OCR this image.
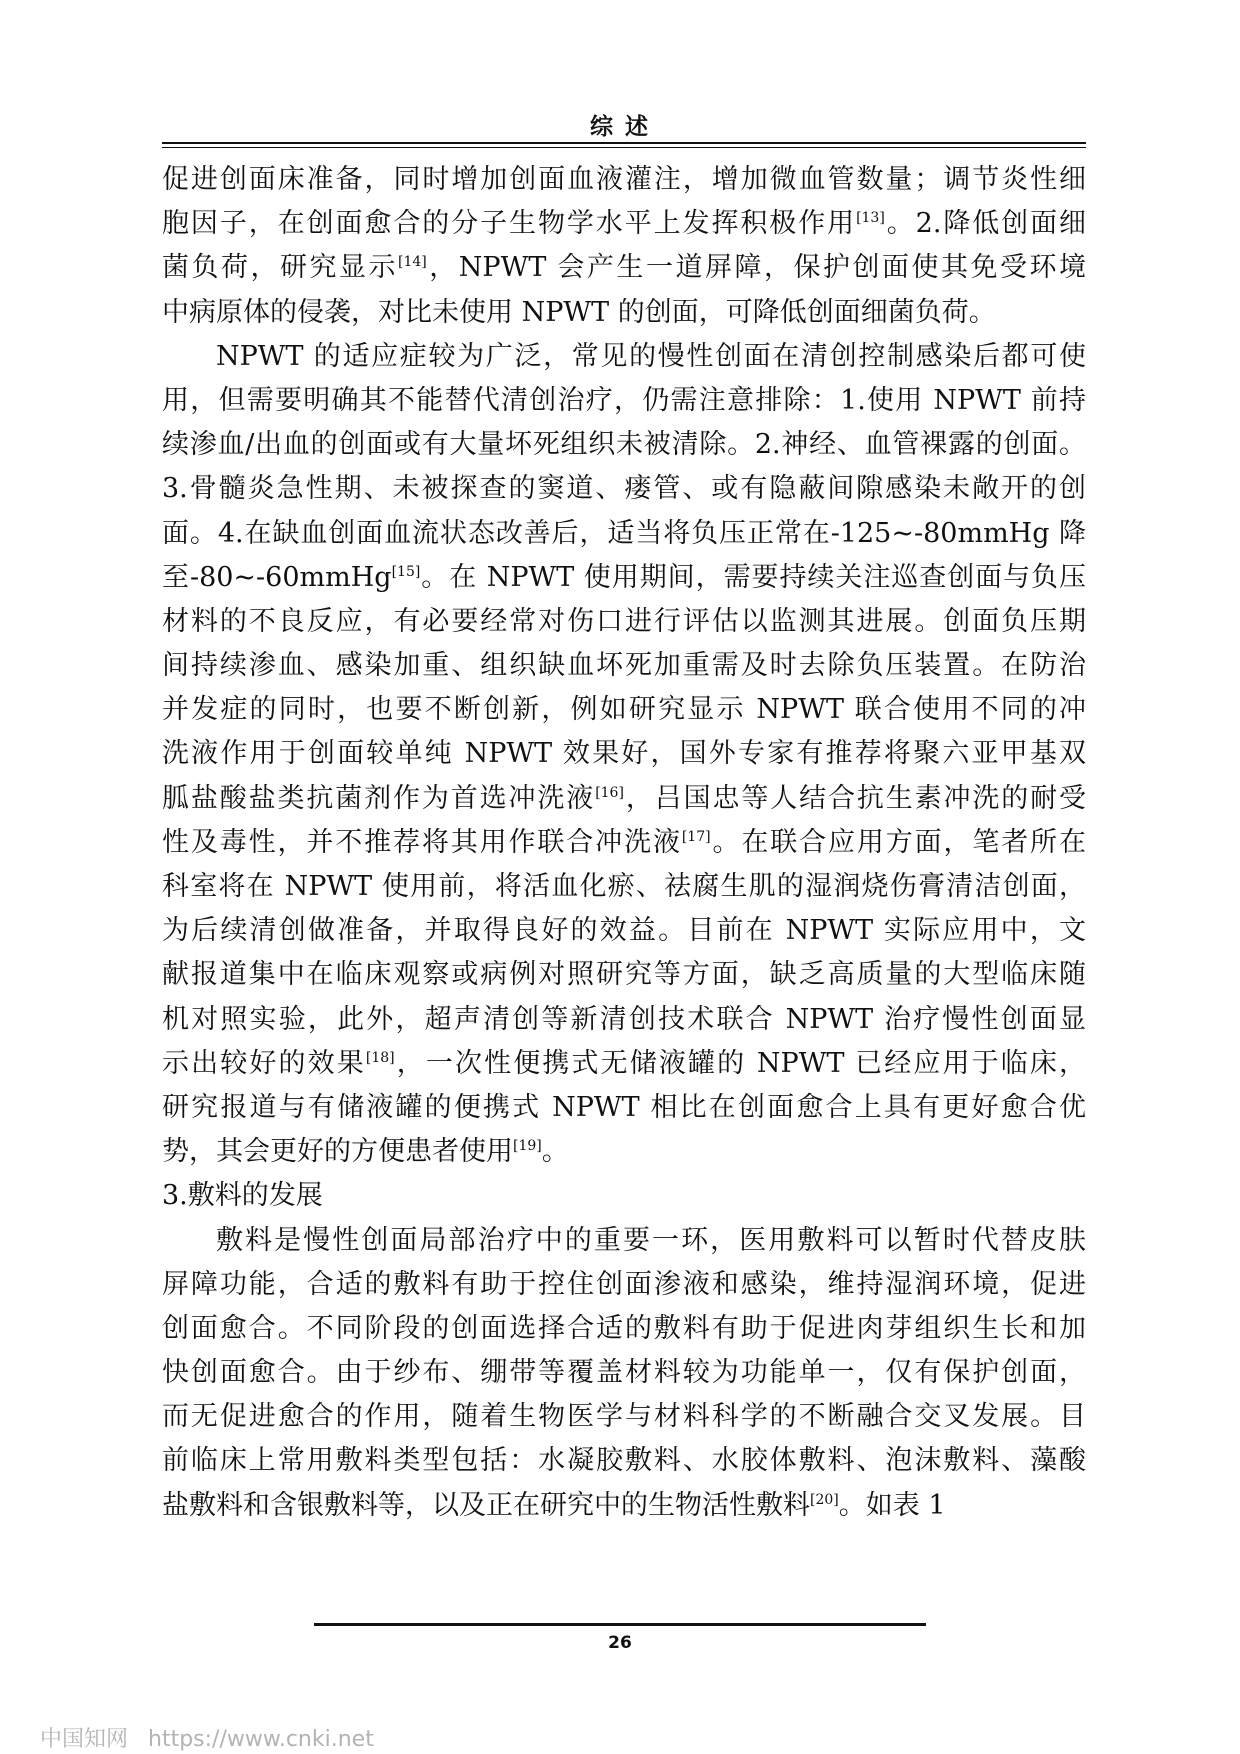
综 述
促进创面床准备，同时增加创面血液灌注，增加微血管数量；调节炎性细
胞因子，在创面愈合的分子生物学水平上发挥积极作用[13]。2.降低创面细
菌负荷，研究显示[14]，NPWT 会产生一道屏障，保护创面使其免受环境
中病原体的侵袭，对比未使用 NPWT 的创面，可降低创面细菌负荷。
NPWT 的适应症较为广泛，常见的慢性创面在清创控制感染后都可使
用，但需要明确其不能替代清创治疗，仍需注意排除：1.使用 NPWT 前持
续渗血/出血的创面或有大量坏死组织未被清除。2.神经、血管裸露的创面。
3.骨髓炎急性期、未被探查的窦道、瘘管、或有隐蔽间隙感染未敞开的创
面。4.在缺血创面血流状态改善后，适当将负压正常在-125~-80mmHg 降
至-80~-60mmHg[15]。在 NPWT 使用期间，需要持续关注巡查创面与负压
材料的不良反应，有必要经常对伤口进行评估以监测其进展。创面负压期
间持续渗血、感染加重、组织缺血坏死加重需及时去除负压装置。在防治
并发症的同时，也要不断创新，例如研究显示 NPWT 联合使用不同的冲
洗液作用于创面较单纯 NPWT 效果好，国外专家有推荐将聚六亚甲基双
胍盐酸盐类抗菌剂作为首选冲洗液[16]，吕国忠等人结合抗生素冲洗的耐受
性及毒性，并不推荐将其用作联合冲洗液[17]。在联合应用方面，笔者所在
科室将在 NPWT 使用前，将活血化瘀、祛腐生肌的湿润烧伤膏清洁创面，
为后续清创做准备，并取得良好的效益。目前在 NPWT 实际应用中，文
献报道集中在临床观察或病例对照研究等方面，缺乏高质量的大型临床随
机对照实验，此外，超声清创等新清创技术联合 NPWT 治疗慢性创面显
示出较好的效果[18]，一次性便携式无储液罐的 NPWT 已经应用于临床，
研究报道与有储液罐的便携式 NPWT 相比在创面愈合上具有更好愈合优
势，其会更好的方便患者使用[19]。
3.敷料的发展
敷料是慢性创面局部治疗中的重要一环，医用敷料可以暂时代替皮肤
屏障功能，合适的敷料有助于控住创面渗液和感染，维持湿润环境，促进
创面愈合。不同阶段的创面选择合适的敷料有助于促进肉芽组织生长和加
快创面愈合。由于纱布、绷带等覆盖材料较为功能单一，仅有保护创面，
而无促进愈合的作用，随着生物医学与材料科学的不断融合交叉发展。目
前临床上常用敷料类型包括：水凝胶敷料、水胶体敷料、泡沫敷料、藻酸
盐敷料和含银敷料等，以及正在研究中的生物活性敷料[20]。如表 1
26
中国知网 https://www.cnki.net
